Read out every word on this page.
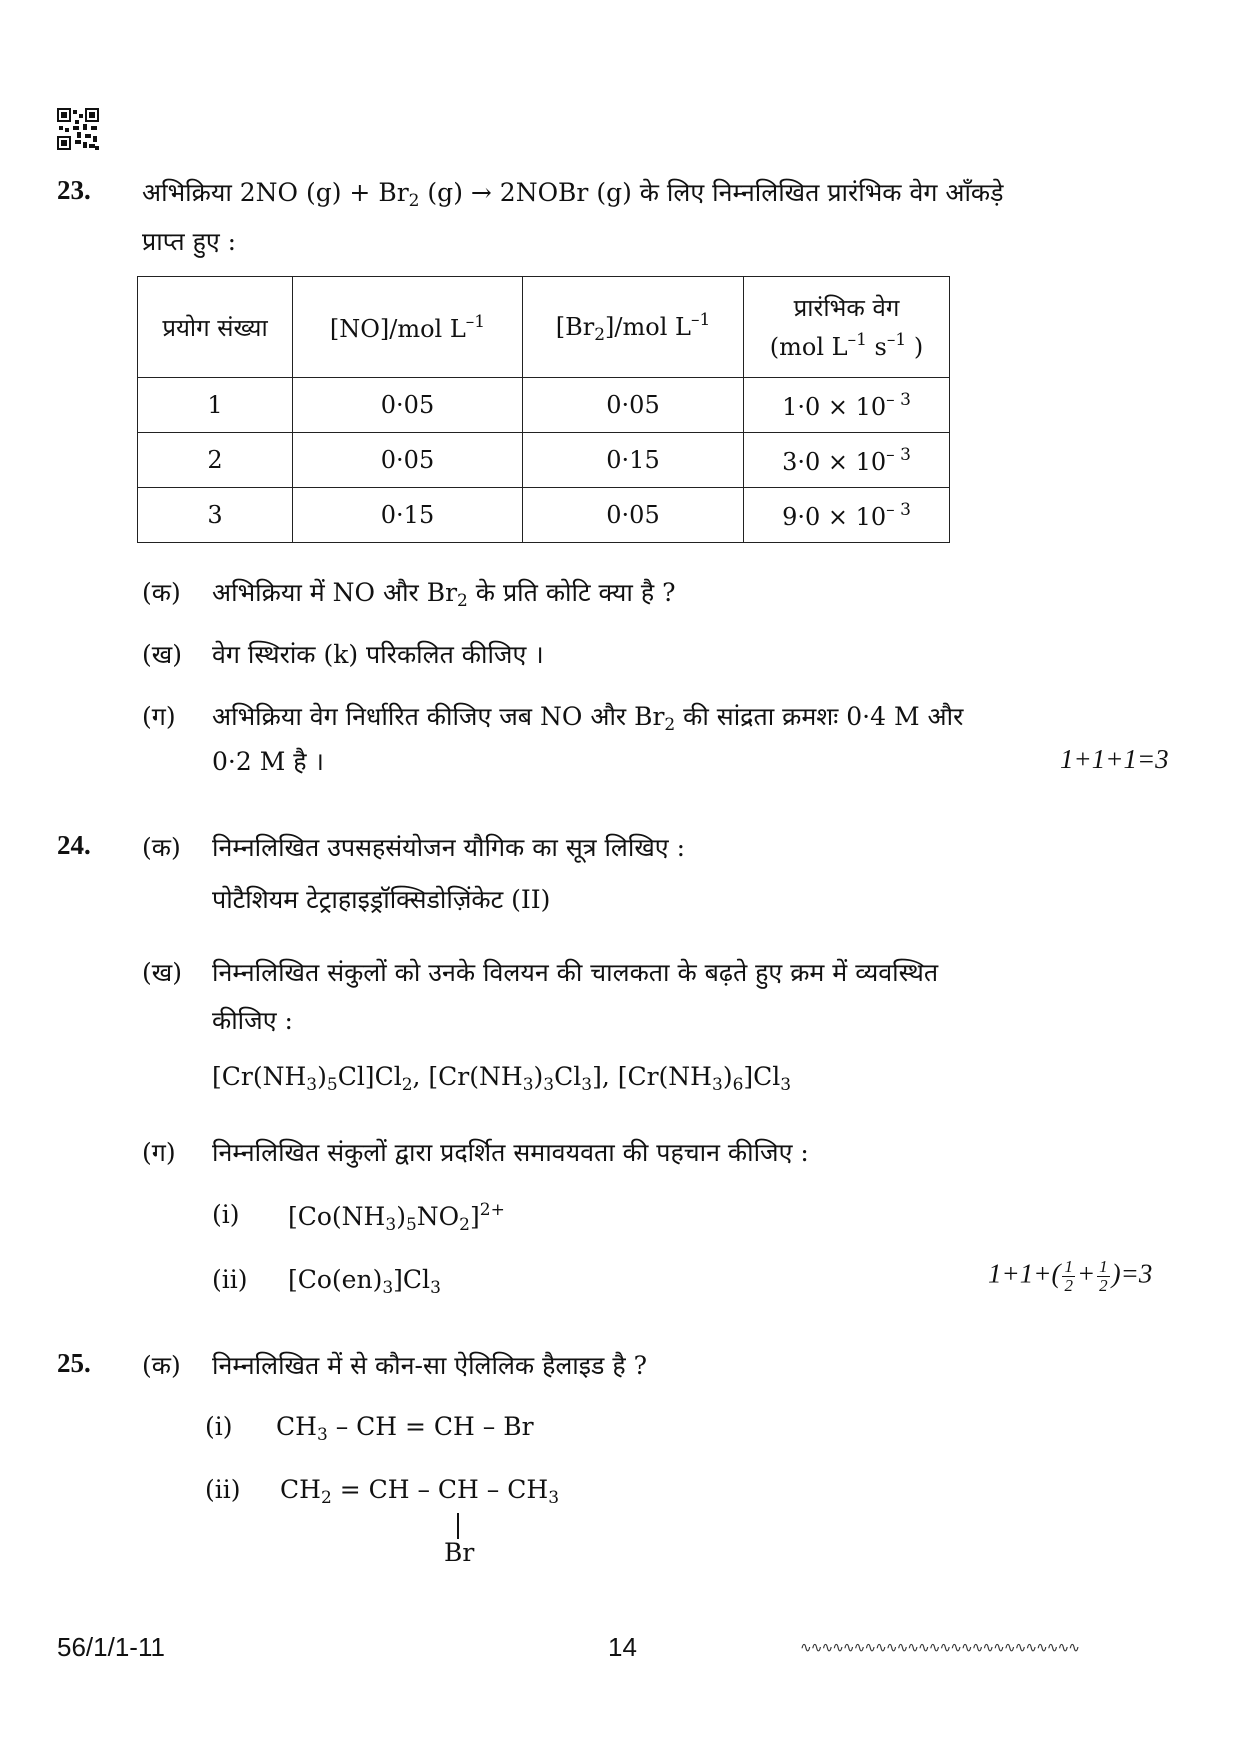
23. अभिक्रिया 2NO $(g) + Br_2$ (g) → 2NOBr (g) के लिए निम्नलिखित प्रारंभिक वेग आँकड़े
प्राप्त हुए :
प्रयोग संख्या	[NO]/mol $L^{-1}$	$[Br_2]$/mol $L^{-1}$	प्रारंभिक वेग
(mol $L^{-1}$ $s^{-1}$ )

1	0·05	0·05	$1\cdot 0 \times 10^{- 3}$
2	0·05	0·15	$3\cdot 0 \times 10^{- 3}$
3	0·15	0·05	$9\cdot 0 \times 10^{- 3}$
(क) अभिक्रिया में NO और $Br_2$ के प्रति कोटि क्या है ?
(ख) वेग स्थिरांक (k) परिकलित कीजिए ।
(ग) अभिक्रिया वेग निर्धारित कीजिए जब NO और $Br_2$ की सांद्रता क्रमशः 0·4 M और
0·2 M है ।	1+1+1=3
24. (क) निम्नलिखित उपसहसंयोजन यौगिक का सूत्र लिखिए :
पोटैशियम टेट्राहाइड्रॉक्सिडोज़िंकेट (II)
(ख) निम्नलिखित संकुलों को उनके विलयन की चालकता के बढ़ते हुए क्रम में व्यवस्थित
कीजिए :
$[Cr(NH_3)_5Cl]Cl_2$, $[Cr(NH_3)_3Cl_3]$, $[Cr(NH_3)_6]Cl_3$
(ग) निम्नलिखित संकुलों द्वारा प्रदर्शित समावयवता की पहचान कीजिए :
(i) $[Co(NH_3)_5NO_2]^{2+}$
(ii) $[Co(en)_3]Cl_3$	$1+1+( \frac{1}{2} + \frac{1}{2} )=3$
25. (क) निम्नलिखित में से कौन-सा ऐलिलिक हैलाइड है ?
(i) $CH_3$ – CH = CH – Br
(ii) $CH_2$ = CH – CH – $CH_3$
Br
56/1/1-11	14	∿∿∿∿∿∿∿∿∿∿∿∿∿∿∿∿∿∿∿∿∿∿∿∿∿∿
